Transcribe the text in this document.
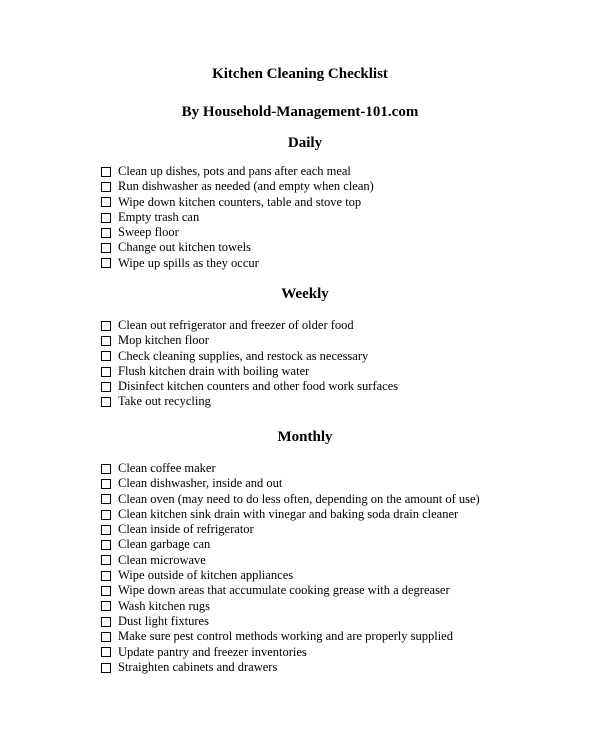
Kitchen Cleaning Checklist
By Household-Management-101.com
Daily
Clean up dishes, pots and pans after each meal
Run dishwasher as needed (and empty when clean)
Wipe down kitchen counters, table and stove top
Empty trash can
Sweep floor
Change out kitchen towels
Wipe up spills as they occur
Weekly
Clean out refrigerator and freezer of older food
Mop kitchen floor
Check cleaning supplies, and restock as necessary
Flush kitchen drain with boiling water
Disinfect kitchen counters and other food work surfaces
Take out recycling
Monthly
Clean coffee maker
Clean dishwasher, inside and out
Clean oven (may need to do less often, depending on the amount of use)
Clean kitchen sink drain with vinegar and baking soda drain cleaner
Clean inside of refrigerator
Clean garbage can
Clean microwave
Wipe outside of kitchen appliances
Wipe down areas that accumulate cooking grease with a degreaser
Wash kitchen rugs
Dust light fixtures
Make sure pest control methods working and are properly supplied
Update pantry and freezer inventories
Straighten cabinets and drawers
